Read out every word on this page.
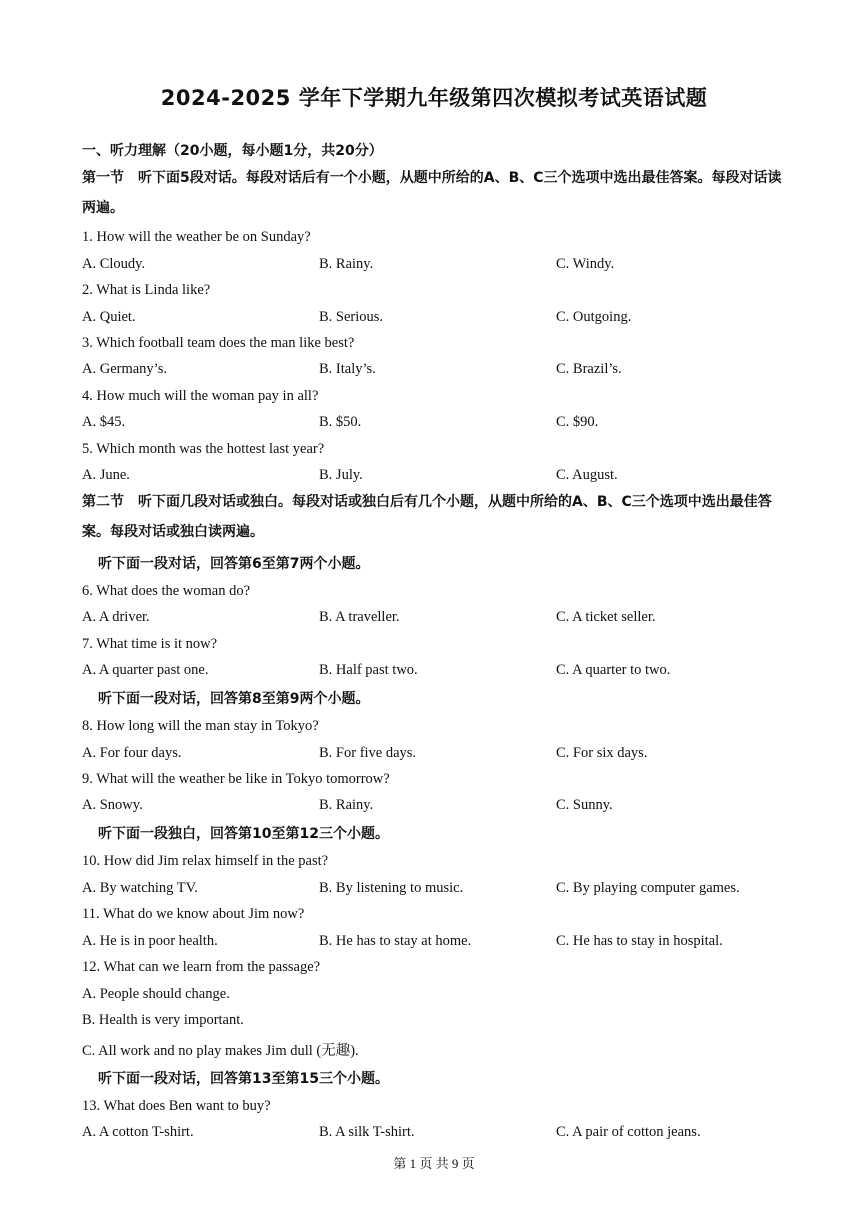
2024-2025 学年下学期九年级第四次模拟考试英语试题
一、听力理解（20小题，每小题1分，共20分）
第一节　听下面5段对话。每段对话后有一个小题，从题中所给的A、B、C三个选项中选出最佳答案。每段对话读两遍。
1. How will the weather be on Sunday?
A. Cloudy.	B. Rainy.	C. Windy.
2. What is Linda like?
A. Quiet.	B. Serious.	C. Outgoing.
3. Which football team does the man like best?
A. Germany’s.	B. Italy’s.	C. Brazil’s.
4. How much will the woman pay in all?
A. $45.	B. $50.	C. $90.
5. Which month was the hottest last year?
A. June.	B. July.	C. August.
第二节　听下面几段对话或独白。每段对话或独白后有几个小题，从题中所给的A、B、C三个选项中选出最佳答案。每段对话或独白读两遍。
听下面一段对话，回答第6至第7两个小题。
6. What does the woman do?
A. A driver.	B. A traveller.	C. A ticket seller.
7. What time is it now?
A. A quarter past one.	B. Half past two.	C. A quarter to two.
听下面一段对话，回答第8至第9两个小题。
8. How long will the man stay in Tokyo?
A. For four days.	B. For five days.	C. For six days.
9. What will the weather be like in Tokyo tomorrow?
A. Snowy.	B. Rainy.	C. Sunny.
听下面一段独白，回答第10至第12三个小题。
10. How did Jim relax himself in the past?
A. By watching TV.	B. By listening to music.	C. By playing computer games.
11. What do we know about Jim now?
A. He is in poor health.	B. He has to stay at home.	C. He has to stay in hospital.
12. What can we learn from the passage?
A. People should change.
B. Health is very important.
C. All work and no play makes Jim dull (无趣).
听下面一段对话，回答第13至第15三个小题。
13. What does Ben want to buy?
A. A cotton T-shirt.	B. A silk T-shirt.	C. A pair of cotton jeans.
第 1 页 共 9 页
